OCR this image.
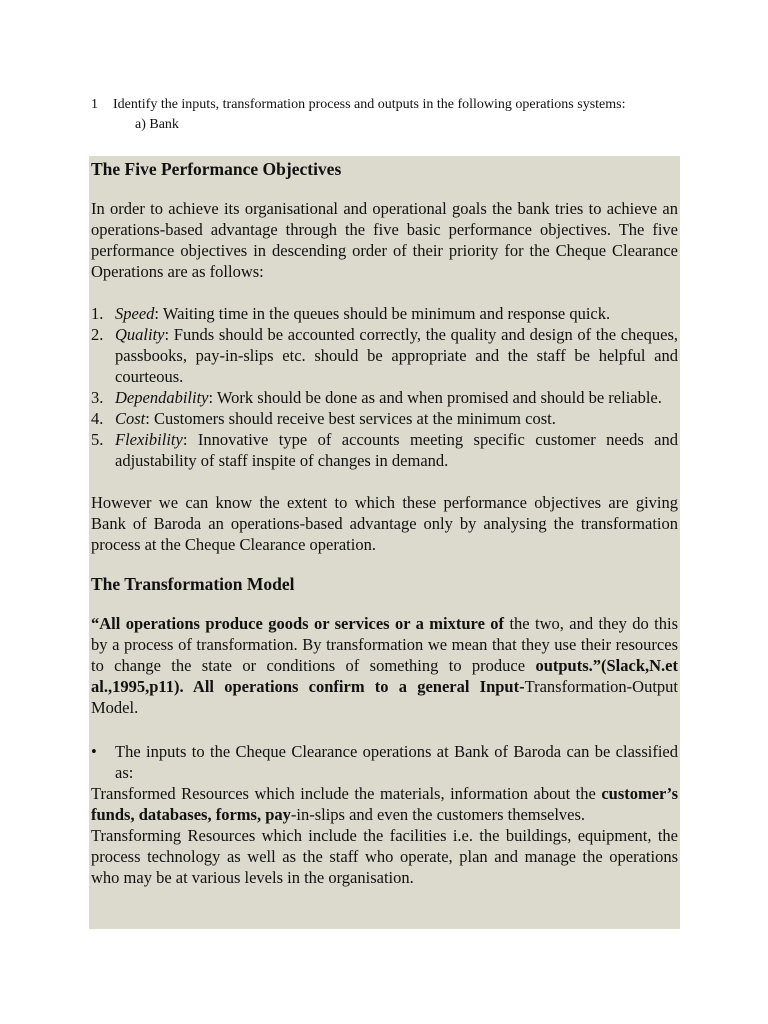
1 Identify the inputs, transformation process and outputs in the following operations systems:
a) Bank
The Five Performance Objectives

In order to achieve its organisational and operational goals the bank tries to achieve an operations-based advantage through the five basic performance objectives. The five performance objectives in descending order of their priority for the Cheque Clearance Operations are as follows:

1. Speed: Waiting time in the queues should be minimum and response quick.
2. Quality: Funds should be accounted correctly, the quality and design of the cheques, passbooks, pay-in-slips etc. should be appropriate and the staff be helpful and courteous.
3. Dependability: Work should be done as and when promised and should be reliable.
4. Cost: Customers should receive best services at the minimum cost.
5. Flexibility: Innovative type of accounts meeting specific customer needs and adjustability of staff inspite of changes in demand.

However we can know the extent to which these performance objectives are giving Bank of Baroda an operations-based advantage only by analysing the transformation process at the Cheque Clearance operation.

The Transformation Model

“All operations produce goods or services or a mixture of the two, and they do this by a process of transformation. By transformation we mean that they use their resources to change the state or conditions of something to produce outputs.”(Slack,N.et al.,1995,p11). All operations confirm to a general Input-Transformation-Output Model.

• The inputs to the Cheque Clearance operations at Bank of Baroda can be classified as:

Transformed Resources which include the materials, information about the customer’s funds, databases, forms, pay-in-slips and even the customers themselves.

Transforming Resources which include the facilities i.e. the buildings, equipment, the process technology as well as the staff who operate, plan and manage the operations who may be at various levels in the organisation.
